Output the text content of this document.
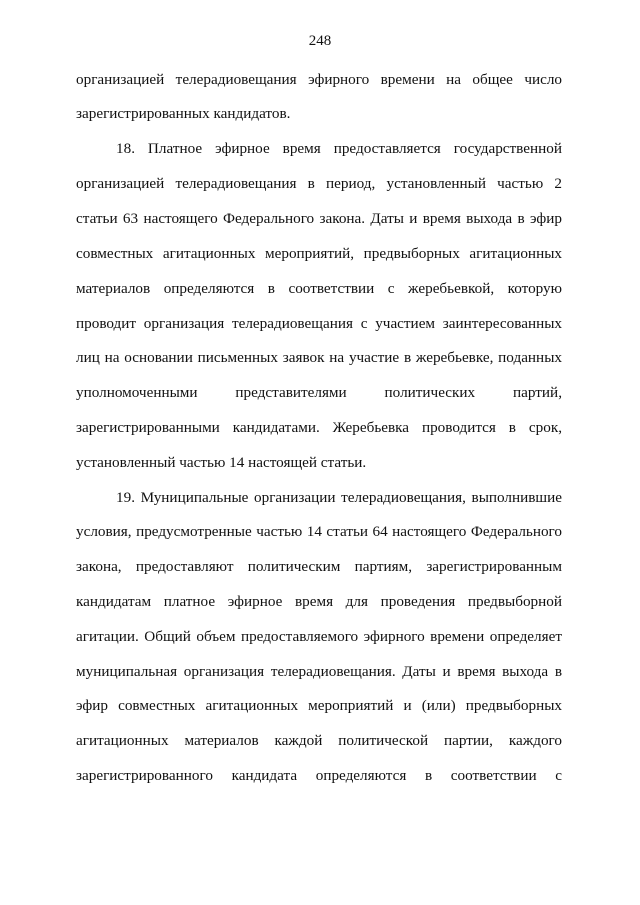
248
организацией телерадиовещания эфирного времени на общее число
зарегистрированных кандидатов.
18. Платное эфирное время предоставляется государственной
организацией телерадиовещания в период, установленный частью 2
статьи 63 настоящего Федерального закона. Даты и время выхода в эфир
совместных агитационных мероприятий, предвыборных агитационных
материалов определяются в соответствии с жеребьевкой, которую
проводит организация телерадиовещания с участием заинтересованных
лиц на основании письменных заявок на участие в жеребьевке, поданных
уполномоченными представителями политических партий,
зарегистрированными кандидатами. Жеребьевка проводится в срок,
установленный частью 14 настоящей статьи.
19. Муниципальные организации телерадиовещания, выполнившие
условия, предусмотренные частью 14 статьи 64 настоящего Федерального
закона, предоставляют политическим партиям, зарегистрированным
кандидатам платное эфирное время для проведения предвыборной
агитации. Общий объем предоставляемого эфирного времени определяет
муниципальная организация телерадиовещания. Даты и время выхода в
эфир совместных агитационных мероприятий и (или) предвыборных
агитационных материалов каждой политической партии, каждого
зарегистрированного кандидата определяются в соответствии с
